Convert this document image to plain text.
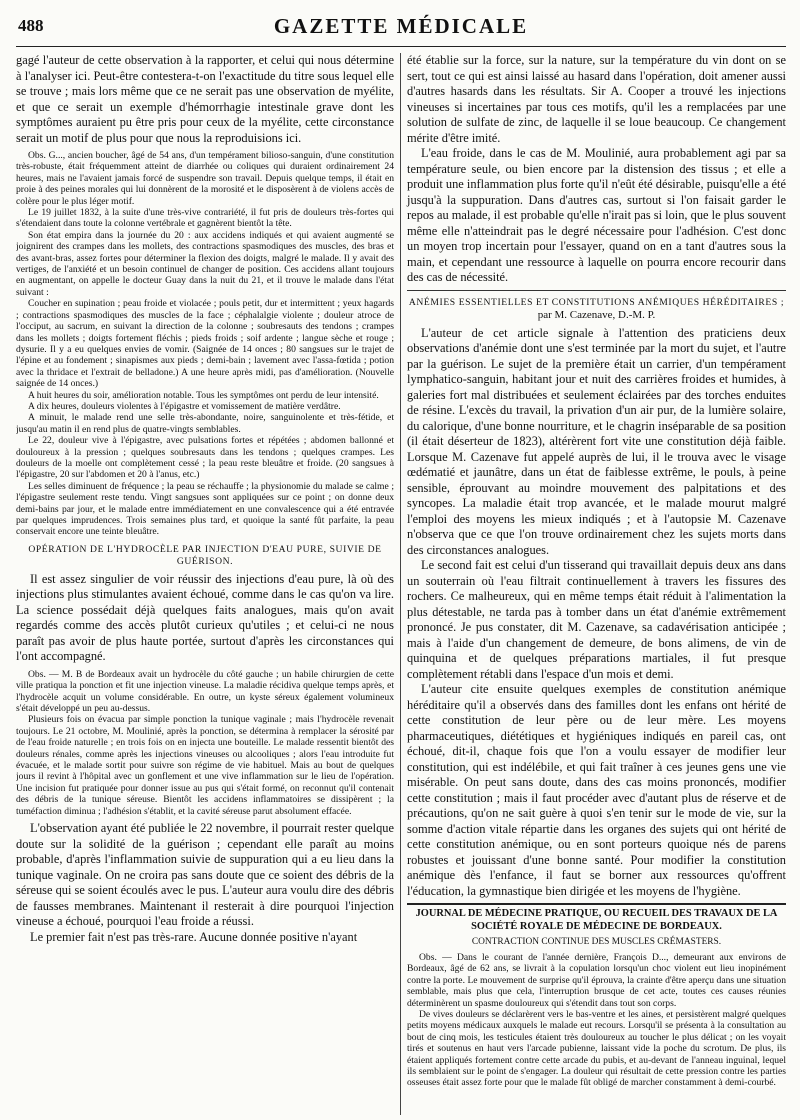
488	GAZETTE MÉDICALE

gagé l'auteur de cette observation à la rapporter, et celui qui nous détermine à l'analyser ici. Peut-être contestera-t-on l'exactitude du titre sous lequel elle se trouve ; mais lors même que ce ne serait pas une observation de myélite, et que ce serait un exemple d'hémorrhagie intestinale grave dont les symptômes auraient pu être pris pour ceux de la myélite, cette circonstance serait un motif de plus pour que nous la reproduisions ici.

Obs. G..., ancien boucher, âgé de 54 ans, d'un tempérament bilioso-sanguin, d'une constitution très-robuste, était fréquemment atteint de diarrhée ou coliques qui duraient ordinairement 24 heures, mais ne l'avaient jamais forcé de suspendre son travail. Depuis quelque temps, il était en proie à des peines morales qui lui donnèrent de la morosité et le disposèrent à de violens accès de colère pour le plus léger motif.

Le 19 juillet 1832, à la suite d'une très-vive contrariété, il fut pris de douleurs très-fortes qui s'étendaient dans toute la colonne vertébrale et gagnèrent bientôt la tête.

Son état empira dans la journée du 20 : aux accidens indiqués et qui avaient augmenté se joignirent des crampes dans les mollets, des contractions spasmodiques des muscles, des bras et des avant-bras, assez fortes pour déterminer la flexion des doigts, malgré le malade. Il y avait des vertiges, de l'anxiété et un besoin continuel de changer de position. Ces accidens allant toujours en augmentant, on appelle le docteur Guay dans la nuit du 21, et il trouve le malade dans l'état suivant :

Coucher en supination ; peau froide et violacée ; pouls petit, dur et intermittent ; yeux hagards ; contractions spasmodiques des muscles de la face ; céphalalgie violente ; douleur atroce de l'occiput, au sacrum, en suivant la direction de la colonne ; soubresauts des tendons ; crampes dans les mollets ; doigts fortement fléchis ; pieds froids ; soif ardente ; langue sèche et rouge ; dysurie. Il y a eu quelques envies de vomir. (Saignée de 14 onces ; 80 sangsues sur le trajet de l'épine et au fondement ; sinapismes aux pieds ; demi-bain ; lavement avec l'assa-fœtida ; potion avec la thridace et l'extrait de belladone.) A une heure après midi, pas d'amélioration. (Nouvelle saignée de 14 onces.)

A huit heures du soir, amélioration notable. Tous les symptômes ont perdu de leur intensité.

A dix heures, douleurs violentes à l'épigastre et vomissement de matière verdâtre.

A minuit, le malade rend une selle très-abondante, noire, sanguinolente et très-fétide, et jusqu'au matin il en rend plus de quatre-vingts semblables.

Le 22, douleur vive à l'épigastre, avec pulsations fortes et répétées ; abdomen ballonné et douloureux à la pression ; quelques soubresauts dans les tendons ; quelques crampes. Les douleurs de la moelle ont complètement cessé ; la peau reste bleuâtre et froide. (20 sangsues à l'épigastre, 20 sur l'abdomen et 20 à l'anus, etc.)

Les selles diminuent de fréquence ; la peau se réchauffe ; la physionomie du malade se calme ; l'épigastre seulement reste tendu. Vingt sangsues sont appliquées sur ce point ; on donne deux demi-bains par jour, et le malade entre immédiatement en une convalescence qui a été entravée par quelques imprudences. Trois semaines plus tard, et quoique la santé fût parfaite, la peau conservait encore une teinte bleuâtre.

OPÉRATION DE L'HYDROCÈLE PAR INJECTION D'EAU PURE, SUIVIE DE GUÉRISON.

Il est assez singulier de voir réussir des injections d'eau pure, là où des injections plus stimulantes avaient échoué, comme dans le cas qu'on va lire. La science possédait déjà quelques faits analogues, mais qu'on avait regardés comme des accès plutôt curieux qu'utiles ; et celui-ci ne nous paraît pas avoir de plus haute portée, surtout d'après les circonstances qui l'ont accompagné.

Obs. — M. B de Bordeaux avait un hydrocèle du côté gauche ; un habile chirurgien de cette ville pratiqua la ponction et fit une injection vineuse. La maladie récidiva quelque temps après, et l'hydrocèle acquit un volume considérable. En outre, un kyste séreux également volumineux s'était développé un peu au-dessus.

Plusieurs fois on évacua par simple ponction la tunique vaginale ; mais l'hydrocèle revenait toujours. Le 21 octobre, M. Moulinié, après la ponction, se détermina à remplacer la sérosité par de l'eau froide naturelle ; en trois fois on en injecta une bouteille. Le malade ressentit bientôt des douleurs rénales, comme après les injections vineuses ou alcooliques ; alors l'eau introduite fut évacuée, et le malade sortit pour suivre son régime de vie habituel. Mais au bout de quelques jours il revint à l'hôpital avec un gonflement et une vive inflammation sur le lieu de l'opération. Une incision fut pratiquée pour donner issue au pus qui s'était formé, on reconnut qu'il contenait des débris de la tunique séreuse. Bientôt les accidens inflammatoires se dissipèrent ; la tuméfaction diminua ; l'adhésion s'établit, et la cavité séreuse parut absolument effacée.

L'observation ayant été publiée le 22 novembre, il pourrait rester quelque doute sur la solidité de la guérison ; cependant elle paraît au moins probable, d'après l'inflammation suivie de suppuration qui a eu lieu dans la tunique vaginale. On ne croira pas sans doute que ce soient des débris de la séreuse qui se soient écoulés avec le pus. L'auteur aura voulu dire des débris de fausses membranes. Maintenant il resterait à dire pourquoi l'injection vineuse a échoué, pourquoi l'eau froide a réussi.

Le premier fait n'est pas très-rare. Aucune donnée positive n'ayant

été établie sur la force, sur la nature, sur la température du vin dont on se sert, tout ce qui est ainsi laissé au hasard dans l'opération, doit amener aussi d'autres hasards dans les résultats. Sir A. Cooper a trouvé les injections vineuses si incertaines par tous ces motifs, qu'il les a remplacées par une solution de sulfate de zinc, de laquelle il se loue beaucoup. Ce changement mérite d'être imité.

L'eau froide, dans le cas de M. Moulinié, aura probablement agi par sa température seule, ou bien encore par la distension des tissus ; et elle a produit une inflammation plus forte qu'il n'eût été désirable, puisqu'elle a été jusqu'à la suppuration. Dans d'autres cas, surtout si l'on faisait garder le repos au malade, il est probable qu'elle n'irait pas si loin, que le plus souvent même elle n'atteindrait pas le degré nécessaire pour l'adhésion. C'est donc un moyen trop incertain pour l'essayer, quand on en a tant d'autres sous la main, et cependant une ressource à laquelle on pourra encore recourir dans des cas de nécessité.

ANÉMIES ESSENTIELLES ET CONSTITUTIONS ANÉMIQUES HÉRÉDITAIRES ;
par M. Cazenave, D.-M. P.

L'auteur de cet article signale à l'attention des praticiens deux observations d'anémie dont une s'est terminée par la mort du sujet, et l'autre par la guérison. Le sujet de la première était un carrier, d'un tempérament lymphatico-sanguin, habitant jour et nuit des carrières froides et humides, à galeries fort mal distribuées et seulement éclairées par des torches enduites de résine. L'excès du travail, la privation d'un air pur, de la lumière solaire, du calorique, d'une bonne nourriture, et le chagrin inséparable de sa position (il était déserteur de 1823), altérèrent fort vite une constitution déjà faible. Lorsque M. Cazenave fut appelé auprès de lui, il le trouva avec le visage œdématié et jaunâtre, dans un état de faiblesse extrême, le pouls, à peine sensible, éprouvant au moindre mouvement des palpitations et des syncopes. La maladie était trop avancée, et le malade mourut malgré l'emploi des moyens les mieux indiqués ; et à l'autopsie M. Cazenave n'observa que ce que l'on trouve ordinairement chez les sujets morts dans des circonstances analogues.

Le second fait est celui d'un tisserand qui travaillait depuis deux ans dans un souterrain où l'eau filtrait continuellement à travers les fissures des rochers. Ce malheureux, qui en même temps était réduit à l'alimentation la plus détestable, ne tarda pas à tomber dans un état d'anémie extrêmement prononcé. Je pus constater, dit M. Cazenave, sa cadavérisation anticipée ; mais à l'aide d'un changement de demeure, de bons alimens, de vin de quinquina et de quelques préparations martiales, il fut presque complètement rétabli dans l'espace d'un mois et demi.

L'auteur cite ensuite quelques exemples de constitution anémique héréditaire qu'il a observés dans des familles dont les enfans ont hérité de cette constitution de leur père ou de leur mère. Les moyens pharmaceutiques, diététiques et hygiéniques indiqués en pareil cas, ont échoué, dit-il, chaque fois que l'on a voulu essayer de modifier leur constitution, qui est indélébile, et qui fait traîner à ces jeunes gens une vie misérable. On peut sans doute, dans des cas moins prononcés, modifier cette constitution ; mais il faut procéder avec d'autant plus de réserve et de précautions, qu'on ne sait guère à quoi s'en tenir sur le mode de vie, sur la somme d'action vitale répartie dans les organes des sujets qui ont hérité de cette constitution anémique, ou en sont porteurs quoique nés de parens robustes et jouissant d'une bonne santé. Pour modifier la constitution anémique dès l'enfance, il faut se borner aux ressources qu'offrent l'éducation, la gymnastique bien dirigée et les moyens de l'hygiène.

JOURNAL DE MÉDECINE PRATIQUE, OU RECUEIL DES TRAVAUX DE LA SOCIÉTÉ ROYALE DE MÉDECINE DE BORDEAUX.
CONTRACTION CONTINUE DES MUSCLES CRÉMASTERS.

Obs. — Dans le courant de l'année dernière, François D..., demeurant aux environs de Bordeaux, âgé de 62 ans, se livrait à la copulation lorsqu'un choc violent eut lieu inopinément contre la porte. Le mouvement de surprise qu'il éprouva, la crainte d'être aperçu dans une situation semblable, mais plus que cela, l'interruption brusque de cet acte, toutes ces causes réunies déterminèrent un spasme douloureux qui s'étendit dans tout son corps.

De vives douleurs se déclarèrent vers le bas-ventre et les aines, et persistèrent malgré quelques petits moyens médicaux auxquels le malade eut recours. Lorsqu'il se présenta à la consultation au bout de cinq mois, les testicules étaient très douloureux au toucher le plus délicat ; on les voyait tirés et soutenus en haut vers l'arcade pubienne, laissant vide la poche du scrotum. De plus, ils étaient appliqués fortement contre cette arcade du pubis, et au-devant de l'anneau inguinal, lequel ils semblaient sur le point de s'engager. La douleur qui résultait de cette pression contre les parties osseuses était assez forte pour que le malade fût obligé de marcher constamment à demi-courbé.
